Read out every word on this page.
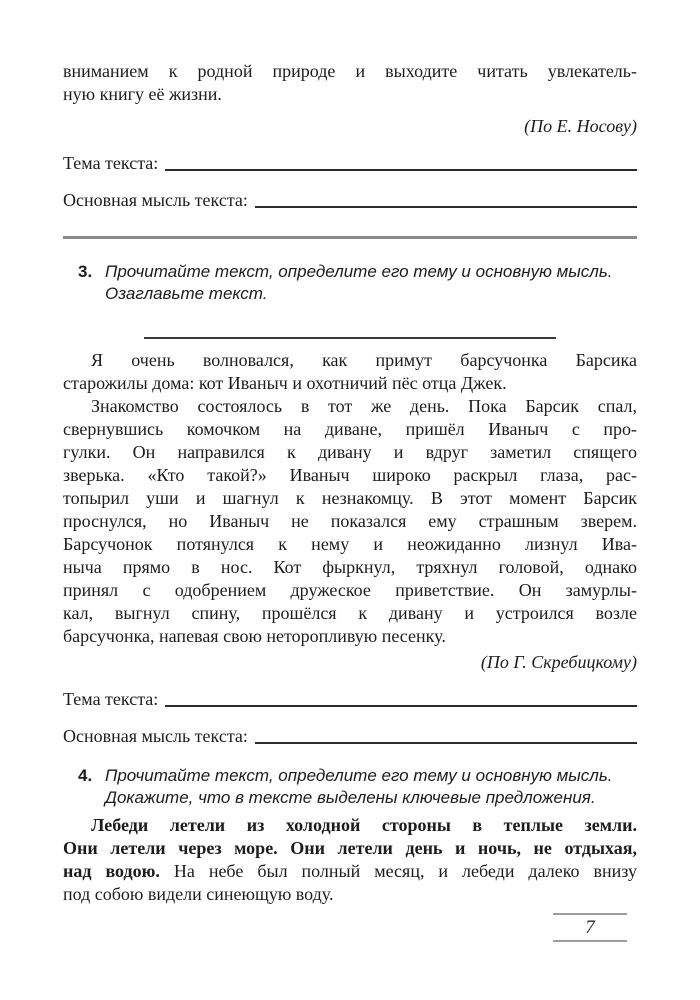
вниманием к родной природе и выходите читать увлекатель-
ную книгу её жизни.
(По Е. Носову)
Тема текста:
Основная мысль текста:
3. Прочитайте текст, определите его тему и основную мысль.
Озаглавьте текст.
Я очень волновался, как примут барсучонка Барсика
старожилы дома: кот Иваныч и охотничий пёс отца Джек.
Знакомство состоялось в тот же день. Пока Барсик спал,
свернувшись комочком на диване, пришёл Иваныч с про-
гулки. Он направился к дивану и вдруг заметил спящего
зверька. «Кто такой?» Иваныч широко раскрыл глаза, рас-
топырил уши и шагнул к незнакомцу. В этот момент Барсик
проснулся, но Иваныч не показался ему страшным зверем.
Барсучонок потянулся к нему и неожиданно лизнул Ива-
ныча прямо в нос. Кот фыркнул, тряхнул головой, однако
принял с одобрением дружеское приветствие. Он замурлы-
кал, выгнул спину, прошёлся к дивану и устроился возле
барсучонка, напевая свою неторопливую песенку.
(По Г. Скребицкому)
Тема текста:
Основная мысль текста:
4. Прочитайте текст, определите его тему и основную мысль.
Докажите, что в тексте выделены ключевые предложения.
Лебеди летели из холодной стороны в теплые земли.
Они летели через море. Они летели день и ночь, не отдыхая,
над водою. На небе был полный месяц, и лебеди далеко внизу
под собою видели синеющую воду.
7
